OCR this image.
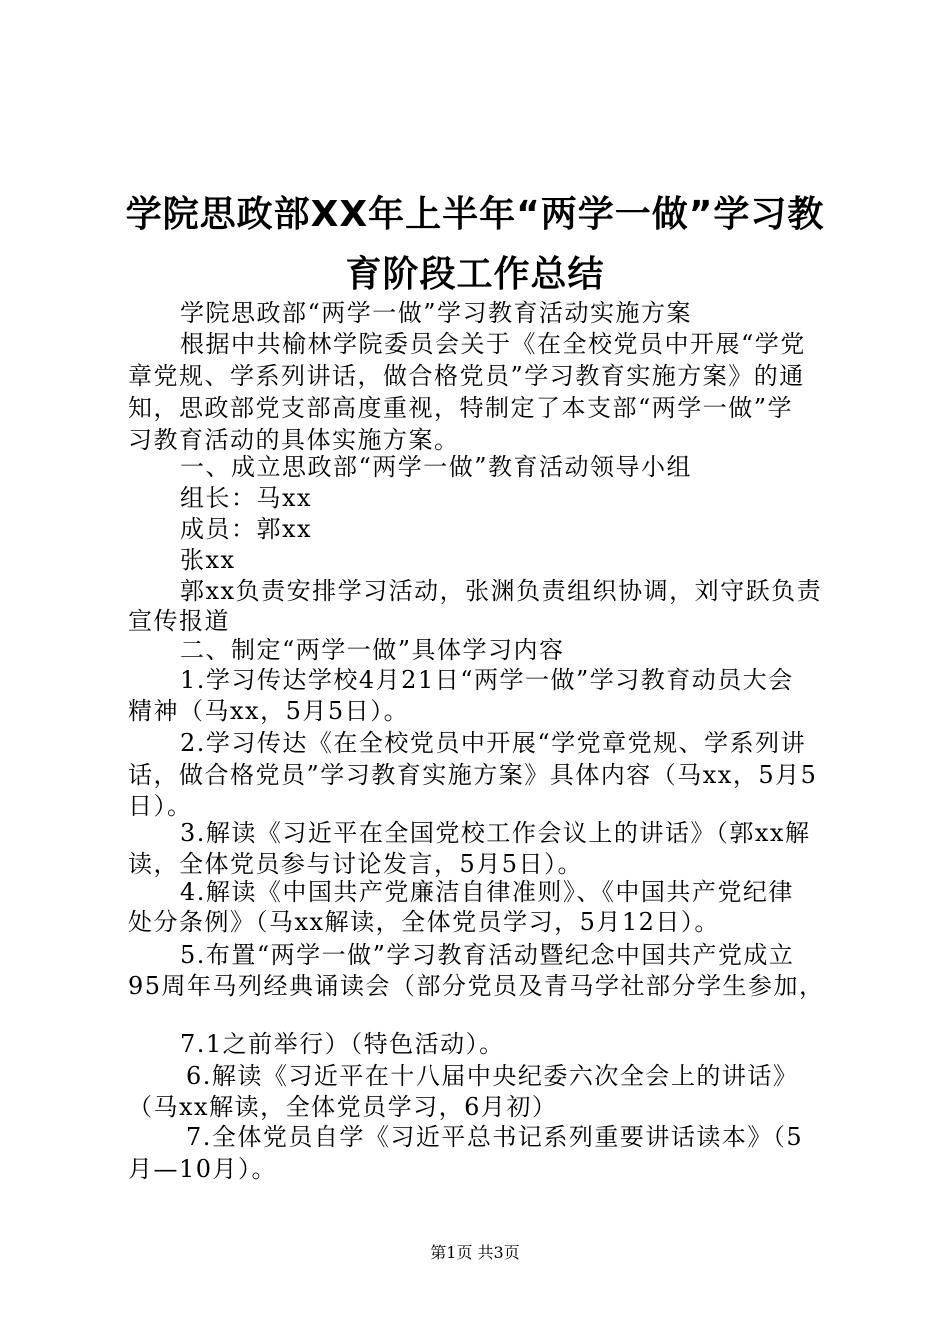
学院思政部XX年上半年“两学一做”学习教
育阶段工作总结
学院思政部“两学一做”学习教育活动实施方案
根据中共榆林学院委员会关于《在全校党员中开展“学党
章党规、学系列讲话，做合格党员”学习教育实施方案》的通
知，思政部党支部高度重视，特制定了本支部“两学一做”学
习教育活动的具体实施方案。
一、成立思政部“两学一做”教育活动领导小组
组长：马xx
成员：郭xx
张xx
郭xx负责安排学习活动，张渊负责组织协调，刘守跃负责
宣传报道
二、制定“两学一做”具体学习内容
1.学习传达学校4月21日“两学一做”学习教育动员大会
精神（马xx，5月5日）。
2.学习传达《在全校党员中开展“学党章党规、学系列讲
话，做合格党员”学习教育实施方案》具体内容（马xx，5月5
日）。
3.解读《习近平在全国党校工作会议上的讲话》（郭xx解
读，全体党员参与讨论发言，5月5日）。
4.解读《中国共产党廉洁自律准则》、《中国共产党纪律
处分条例》（马xx解读，全体党员学习，5月12日）。
5.布置“两学一做”学习教育活动暨纪念中国共产党成立
95周年马列经典诵读会（部分党员及青马学社部分学生参加，
7.1之前举行）（特色活动）。
6.解读《习近平在十八届中央纪委六次全会上的讲话》
（马xx解读，全体党员学习，6月初）
7.全体党员自学《习近平总书记系列重要讲话读本》（5
月—10月）。
第1页 共3页
